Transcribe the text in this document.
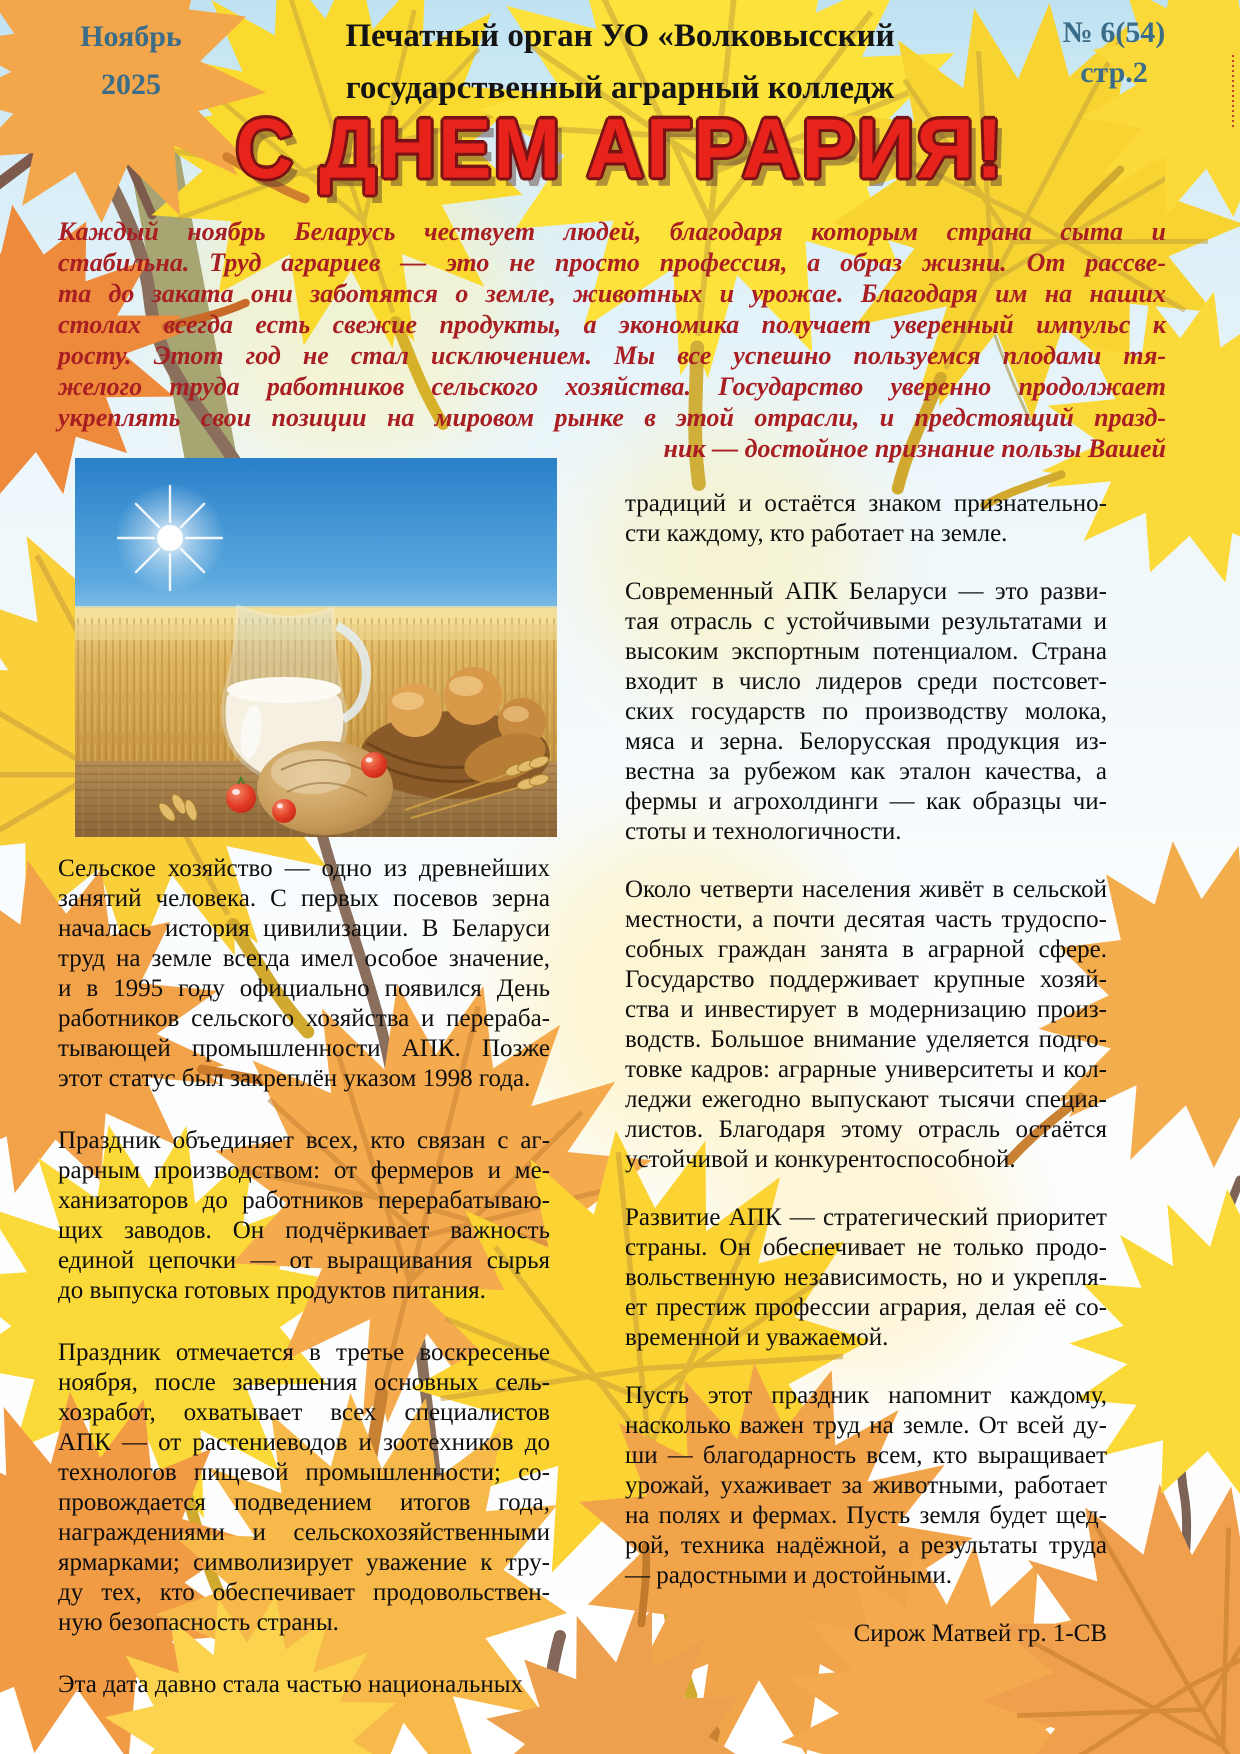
Ноябрь
2025
Печатный орган УО «Волковысский
государственный аграрный колледж
№ 6(54)
стр.2
С ДНЕМ АГРАРИЯ!
Каждый ноябрь Беларусь чествует людей, благодаря которым страна сыта и
стабильна. Труд аграриев — это не просто профессия, а образ жизни. От рассве-
та до заката они заботятся о земле, животных и урожае. Благодаря им на наших
столах всегда есть свежие продукты, а экономика получает уверенный импульс к
росту. Этот год не стал исключением. Мы все успешно пользуемся плодами тя-
желого труда работников сельского хозяйства. Государство уверенно продолжает
укреплять свои позиции на мировом рынке в этой отрасли, и предстоящий празд-
ник — достойное признание пользы Вашей
Сельское хозяйство — одно из древнейших
занятий человека. С первых посевов зерна
началась история цивилизации. В Беларуси
труд на земле всегда имел особое значение,
и в 1995 году официально появился День
работников сельского хозяйства и перераба-
тывающей промышленности АПК. Позже
этот статус был закреплён указом 1998 года.
Праздник объединяет всех, кто связан с аг-
рарным производством: от фермеров и ме-
ханизаторов до работников перерабатываю-
щих заводов. Он подчёркивает важность
единой цепочки — от выращивания сырья
до выпуска готовых продуктов питания.
Праздник отмечается в третье воскресенье
ноября, после завершения основных сель-
хозработ, охватывает всех специалистов
АПК — от растениеводов и зоотехников до
технологов пищевой промышленности; со-
провождается подведением итогов года,
награждениями и сельскохозяйственными
ярмарками; символизирует уважение к тру-
ду тех, кто обеспечивает продовольствен-
ную безопасность страны.
Эта дата давно стала частью национальных
традиций и остаётся знаком признательно-
сти каждому, кто работает на земле.
Современный АПК Беларуси — это разви-
тая отрасль с устойчивыми результатами и
высоким экспортным потенциалом. Страна
входит в число лидеров среди постсовет-
ских государств по производству молока,
мяса и зерна. Белорусская продукция из-
вестна за рубежом как эталон качества, а
фермы и агрохолдинги — как образцы чи-
стоты и технологичности.
Около четверти населения живёт в сельской
местности, а почти десятая часть трудоспо-
собных граждан занята в аграрной сфере.
Государство поддерживает крупные хозяй-
ства и инвестирует в модернизацию произ-
водств. Большое внимание уделяется подго-
товке кадров: аграрные университеты и кол-
леджи ежегодно выпускают тысячи специа-
листов. Благодаря этому отрасль остаётся
устойчивой и конкурентоспособной.
Развитие АПК — стратегический приоритет
страны. Он обеспечивает не только продо-
вольственную независимость, но и укрепля-
ет престиж профессии агрария, делая её со-
временной и уважаемой.
Пусть этот праздник напомнит каждому,
насколько важен труд на земле. От всей ду-
ши — благодарность всем, кто выращивает
урожай, ухаживает за животными, работает
на полях и фермах. Пусть земля будет щед-
рой, техника надёжной, а результаты труда
— радостными и достойными.
Сирож Матвей гр. 1-СВ
